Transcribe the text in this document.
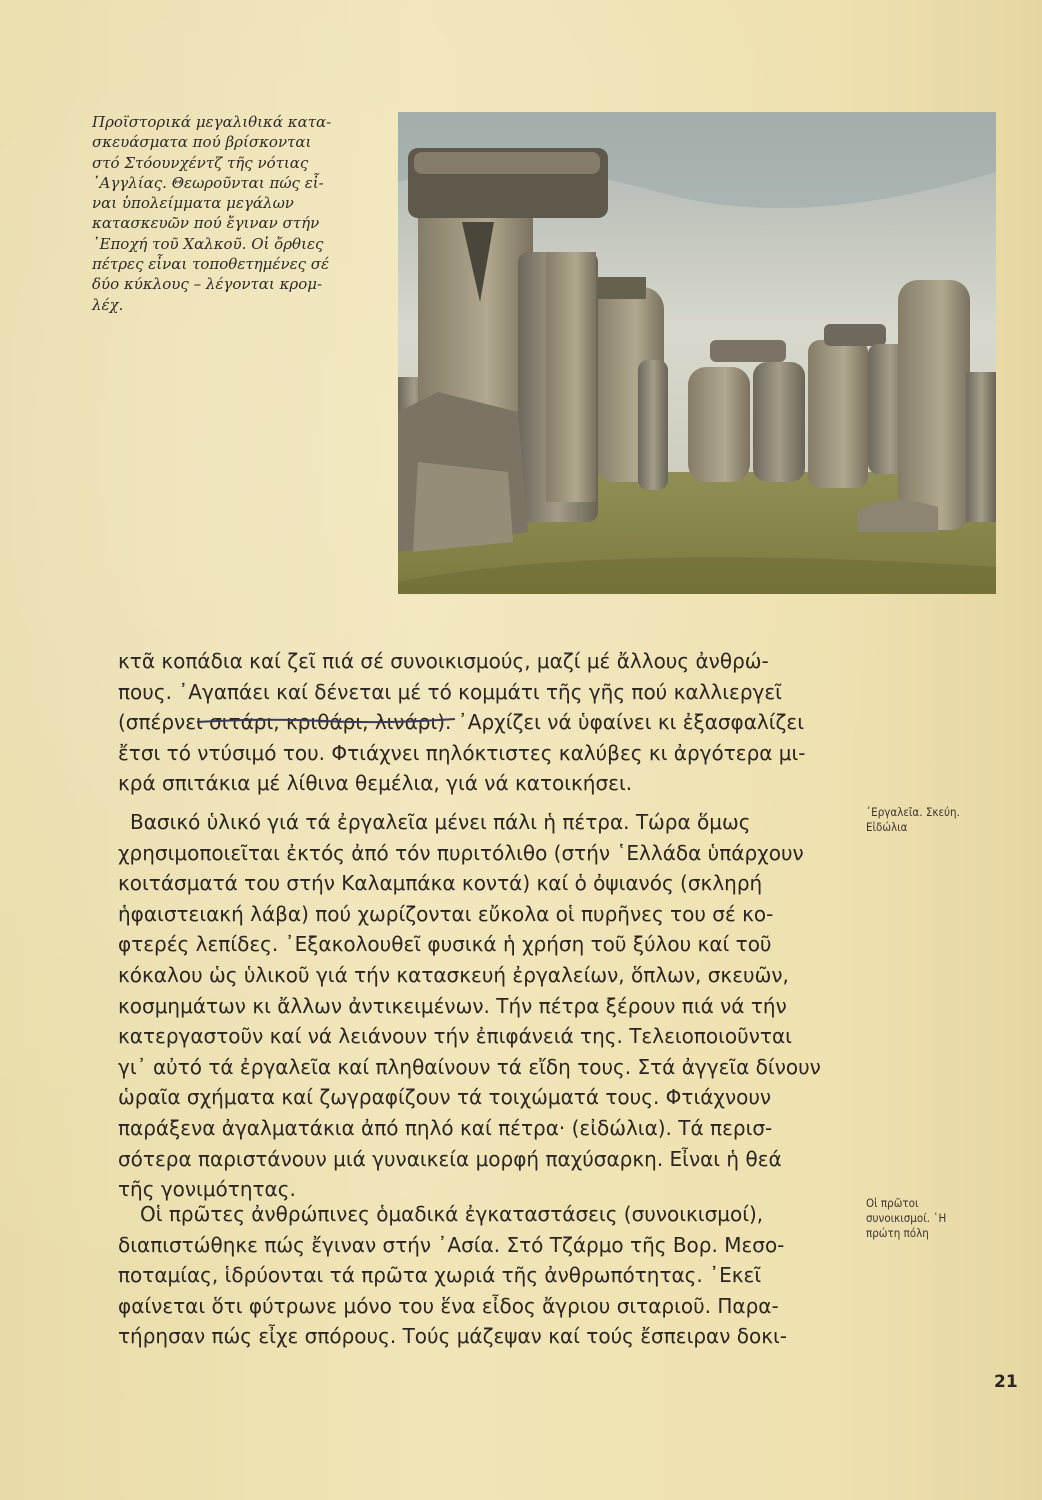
Προϊστορικά μεγαλιθικά κατα-
σκευάσματα πού βρίσκονται
στό Στόουνχέντζ τῆς νότιας
᾿Αγγλίας. Θεωροῦνται πώς εἶ-
ναι ὑπολείμματα μεγάλων
κατασκευῶν πού ἔγιναν στήν
᾿Εποχή τοῦ Χαλκοῦ. Οἱ ὄρθιες
πέτρες εἶναι τοποθετημένες σέ
δύο κύκλους – λέγονται κρομ-
λέχ.
κτᾶ κοπάδια καί ζεῖ πιά σέ συνοικισμούς, μαζί μέ ἄλλους ἀνθρώ-
πους. ᾿Αγαπάει καί δένεται μέ τό κομμάτι τῆς γῆς πού καλλιεργεῖ
(σπέρνει σιτάρι, κριθάρι, λινάρι). ᾿Αρχίζει νά ὑφαίνει κι ἐξασφαλίζει
ἔτσι τό ντύσιμό του. Φτιάχνει πηλόκτιστες καλύβες κι ἀργότερα μι-
κρά σπιτάκια μέ λίθινα θεμέλια, γιά νά κατοικήσει.
Βασικό ὑλικό γιά τά ἐργαλεῖα μένει πάλι ἡ πέτρα. Τώρα ὅμως
χρησιμοποιεῖται ἐκτός ἀπό τόν πυριτόλιθο (στήν ῾Ελλάδα ὑπάρχουν
κοιτάσματά του στήν Καλαμπάκα κοντά) καί ὁ ὀψιανός (σκληρή
ἡφαιστειακή λάβα) πού χωρίζονται εὔκολα οἱ πυρῆνες του σέ κο-
φτερές λεπίδες. ᾿Εξακολουθεῖ φυσικά ἡ χρήση τοῦ ξύλου καί τοῦ
κόκαλου ὡς ὑλικοῦ γιά τήν κατασκευή ἐργαλείων, ὅπλων, σκευῶν,
κοσμημάτων κι ἄλλων ἀντικειμένων. Τήν πέτρα ξέρουν πιά νά τήν
κατεργαστοῦν καί νά λειάνουν τήν ἐπιφάνειά της. Τελειοποιοῦνται
γι᾿ αὐτό τά ἐργαλεῖα καί πληθαίνουν τά εἴδη τους. Στά ἀγγεῖα δίνουν
ὡραῖα σχήματα καί ζωγραφίζουν τά τοιχώματά τους. Φτιάχνουν
παράξενα ἀγαλματάκια ἀπό πηλό καί πέτρα· (εἰδώλια). Τά περισ-
σότερα παριστάνουν μιά γυναικεία μορφή παχύσαρκη. Εἶναι ἡ θεά
τῆς γονιμότητας.
Οἱ πρῶτες ἀνθρώπινες ὁμαδικά ἐγκαταστάσεις (συνοικισμοί),
διαπιστώθηκε πώς ἔγιναν στήν ᾿Ασία. Στό Τζάρμο τῆς Βορ. Μεσο-
ποταμίας, ἱδρύονται τά πρῶτα χωριά τῆς ἀνθρωπότητας. ᾿Εκεῖ
φαίνεται ὅτι φύτρωνε μόνο του ἕνα εἶδος ἄγριου σιταριοῦ. Παρα-
τήρησαν πώς εἶχε σπόρους. Τούς μάζεψαν καί τούς ἔσπειραν δοκι-
᾿Εργαλεῖα. Σκεύη.
Εἰδώλια
Οἱ πρῶτοι
συνοικισμοί. ῾Η
πρώτη πόλη
21
